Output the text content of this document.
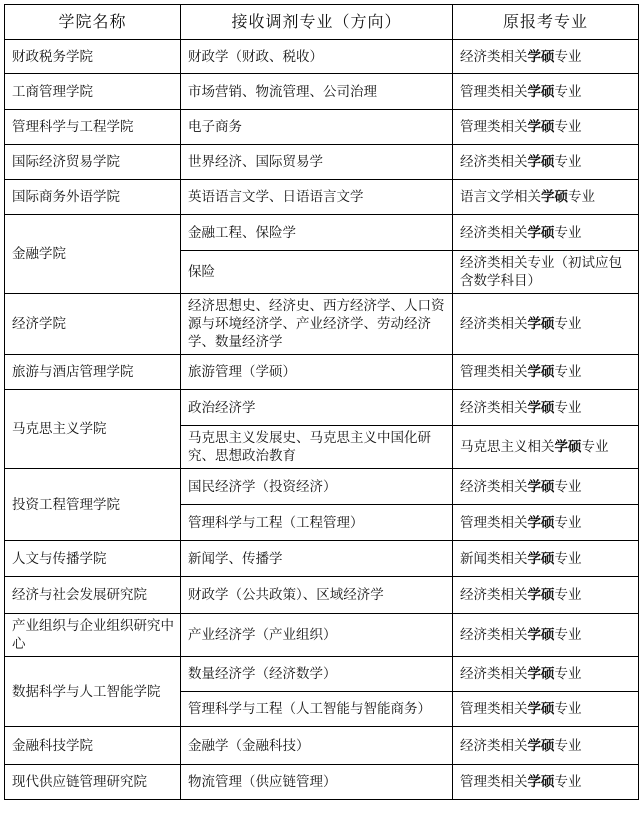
学院名称	接收调剂专业（方向）	原报考专业
财政税务学院	财政学（财政、税收）	经济类相关学硕专业
工商管理学院	市场营销、物流管理、公司治理	管理类相关学硕专业
管理科学与工程学院	电子商务	管理类相关学硕专业
国际经济贸易学院	世界经济、国际贸易学	经济类相关学硕专业
国际商务外语学院	英语语言文学、日语语言文学	语言文学相关学硕专业
金融学院	金融工程、保险学	经济类相关学硕专业
	保险	经济类相关专业（初试应包含数学科目）
经济学院	经济思想史、经济史、西方经济学、人口资源与环境经济学、产业经济学、劳动经济学、数量经济学	经济类相关学硕专业
旅游与酒店管理学院	旅游管理（学硕）	管理类相关学硕专业
马克思主义学院	政治经济学	经济类相关学硕专业
	马克思主义发展史、马克思主义中国化研究、思想政治教育	马克思主义相关学硕专业
投资工程管理学院	国民经济学（投资经济）	经济类相关学硕专业
	管理科学与工程（工程管理）	管理类相关学硕专业
人文与传播学院	新闻学、传播学	新闻类相关学硕专业
经济与社会发展研究院	财政学（公共政策）、区域经济学	经济类相关学硕专业
产业组织与企业组织研究中心	产业经济学（产业组织）	经济类相关学硕专业
数据科学与人工智能学院	数量经济学（经济数学）	经济类相关学硕专业
	管理科学与工程（人工智能与智能商务）	管理类相关学硕专业
金融科技学院	金融学（金融科技）	经济类相关学硕专业
现代供应链管理研究院	物流管理（供应链管理）	管理类相关学硕专业
